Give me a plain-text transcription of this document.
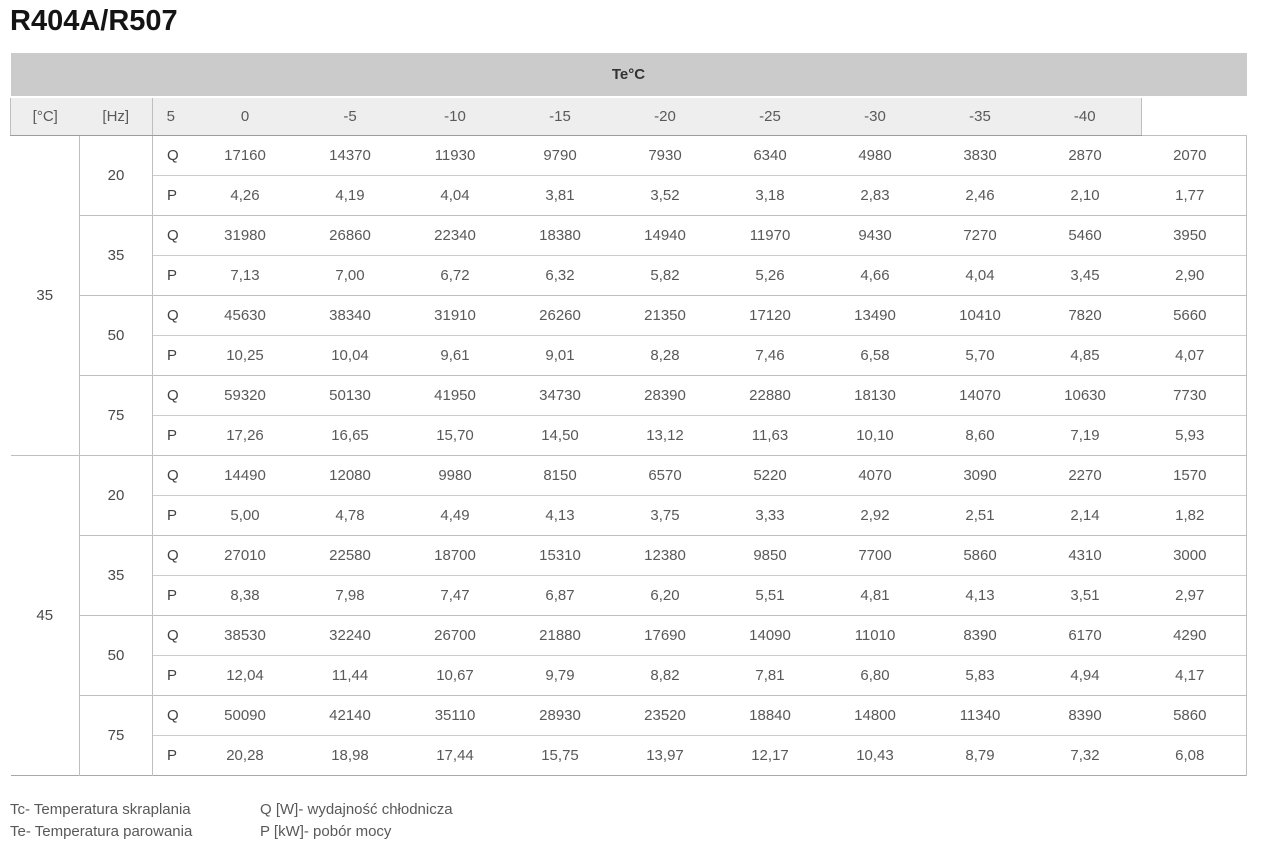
R404A/R507
Te°C												
[°C]	[Hz]	5	0	-5	-10	-15	-20	-25	-30	-35	-40	
35	20	Q	17160	14370	11930	9790	7930	6340	4980	3830	2870	2070
		P	4,26	4,19	4,04	3,81	3,52	3,18	2,83	2,46	2,10	1,77
	35	Q	31980	26860	22340	18380	14940	11970	9430	7270	5460	3950
		P	7,13	7,00	6,72	6,32	5,82	5,26	4,66	4,04	3,45	2,90
	50	Q	45630	38340	31910	26260	21350	17120	13490	10410	7820	5660
		P	10,25	10,04	9,61	9,01	8,28	7,46	6,58	5,70	4,85	4,07
	75	Q	59320	50130	41950	34730	28390	22880	18130	14070	10630	7730
		P	17,26	16,65	15,70	14,50	13,12	11,63	10,10	8,60	7,19	5,93
45	20	Q	14490	12080	9980	8150	6570	5220	4070	3090	2270	1570
		P	5,00	4,78	4,49	4,13	3,75	3,33	2,92	2,51	2,14	1,82
	35	Q	27010	22580	18700	15310	12380	9850	7700	5860	4310	3000
		P	8,38	7,98	7,47	6,87	6,20	5,51	4,81	4,13	3,51	2,97
	50	Q	38530	32240	26700	21880	17690	14090	11010	8390	6170	4290
		P	12,04	11,44	10,67	9,79	8,82	7,81	6,80	5,83	4,94	4,17
	75	Q	50090	42140	35110	28930	23520	18840	14800	11340	8390	5860
		P	20,28	18,98	17,44	15,75	13,97	12,17	10,43	8,79	7,32	6,08
Tc- Temperatura skraplania	Q [W]- wydajność chłodnicza
Te- Temperatura parowania	P [kW]- pobór mocy
